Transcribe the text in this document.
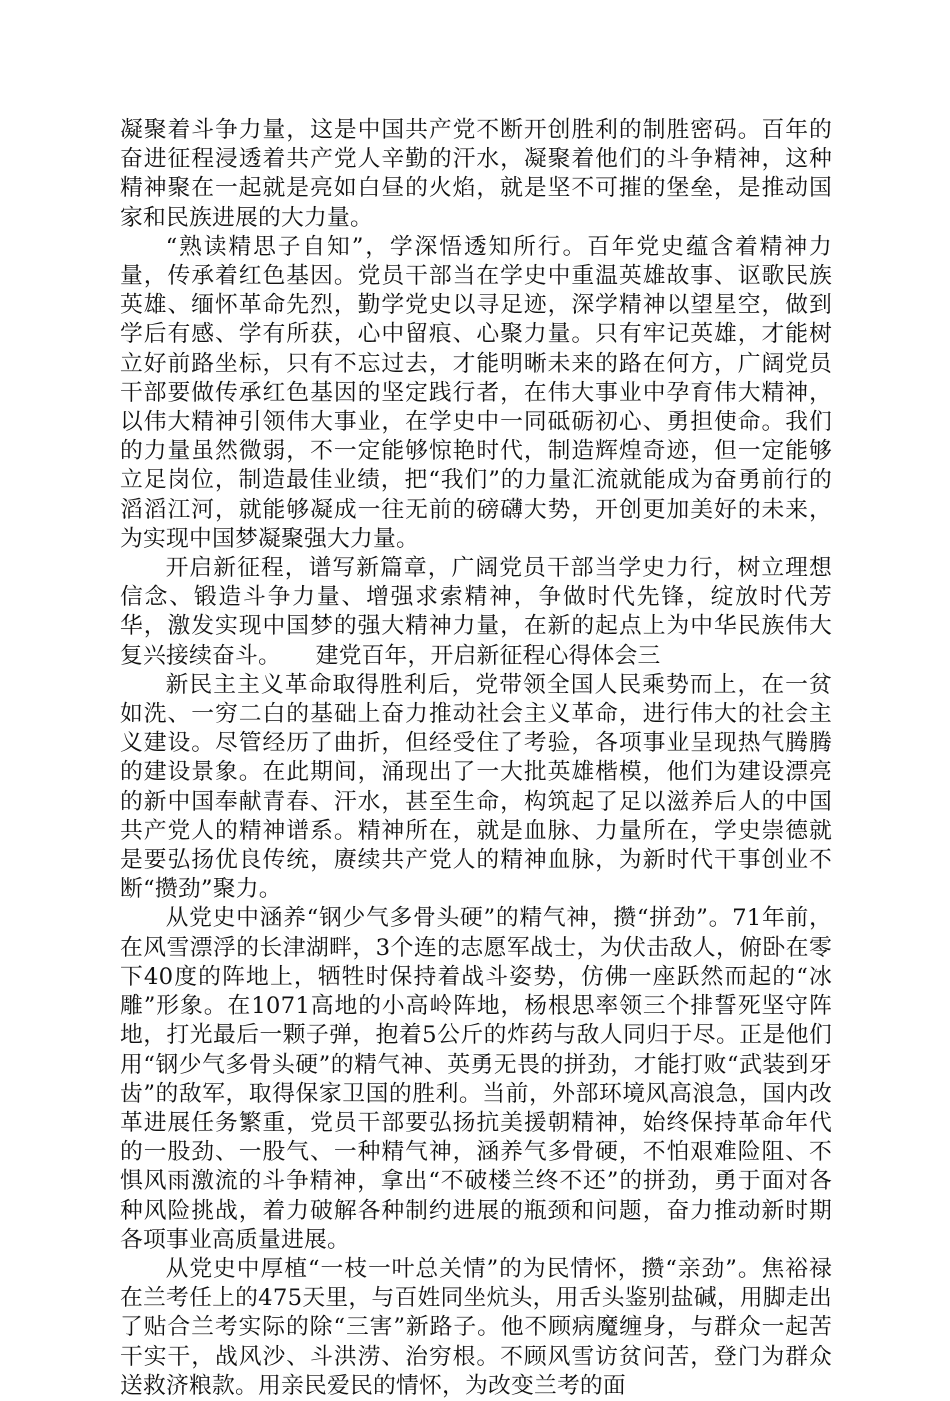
凝聚着斗争力量，这是中国共产党不断开创胜利的制胜密码。百年的奋进征程浸透着共产党人辛勤的汗水，凝聚着他们的斗争精神，这种精神聚在一起就是亮如白昼的火焰，就是坚不可摧的堡垒，是推动国家和民族进展的大力量。

“熟读精思子自知”，学深悟透知所行。百年党史蕴含着精神力量，传承着红色基因。党员干部当在学史中重温英雄故事、讴歌民族英雄、缅怀革命先烈，勤学党史以寻足迹，深学精神以望星空，做到学后有感、学有所获，心中留痕、心聚力量。只有牢记英雄，才能树立好前路坐标，只有不忘过去，才能明晰未来的路在何方，广阔党员干部要做传承红色基因的坚定践行者，在伟大事业中孕育伟大精神，以伟大精神引领伟大事业，在学史中一同砥砺初心、勇担使命。我们的力量虽然微弱，不一定能够惊艳时代，制造辉煌奇迹，但一定能够立足岗位，制造最佳业绩，把“我们”的力量汇流就能成为奋勇前行的滔滔江河，就能够凝成一往无前的磅礴大势，开创更加美好的未来，为实现中国梦凝聚强大力量。

开启新征程，谱写新篇章，广阔党员干部当学史力行，树立理想信念、锻造斗争力量、增强求索精神，争做时代先锋，绽放时代芳华，激发实现中国梦的强大精神力量，在新的起点上为中华民族伟大复兴接续奋斗。　　建党百年，开启新征程心得体会三

新民主主义革命取得胜利后，党带领全国人民乘势而上，在一贫如洗、一穷二白的基础上奋力推动社会主义革命，进行伟大的社会主义建设。尽管经历了曲折，但经受住了考验，各项事业呈现热气腾腾的建设景象。在此期间，涌现出了一大批英雄楷模，他们为建设漂亮的新中国奉献青春、汗水，甚至生命，构筑起了足以滋养后人的中国共产党人的精神谱系。精神所在，就是血脉、力量所在，学史崇德就是要弘扬优良传统，赓续共产党人的精神血脉，为新时代干事创业不断“攒劲”聚力。

从党史中涵养“钢少气多骨头硬”的精气神，攒“拼劲”。71年前，在风雪漂浮的长津湖畔，3个连的志愿军战士，为伏击敌人，俯卧在零下40度的阵地上，牺牲时保持着战斗姿势，仿佛一座跃然而起的“冰雕”形象。在1071高地的小高岭阵地，杨根思率领三个排誓死坚守阵地，打光最后一颗子弹，抱着5公斤的炸药与敌人同归于尽。正是他们用“钢少气多骨头硬”的精气神、英勇无畏的拼劲，才能打败“武装到牙齿”的敌军，取得保家卫国的胜利。当前，外部环境风高浪急，国内改革进展任务繁重，党员干部要弘扬抗美援朝精神，始终保持革命年代的一股劲、一股气、一种精气神，涵养气多骨硬，不怕艰难险阻、不惧风雨激流的斗争精神，拿出“不破楼兰终不还”的拼劲，勇于面对各种风险挑战，着力破解各种制约进展的瓶颈和问题，奋力推动新时期各项事业高质量进展。

从党史中厚植“一枝一叶总关情”的为民情怀，攒“亲劲”。焦裕禄在兰考任上的475天里，与百姓同坐炕头，用舌头鉴别盐碱，用脚走出了贴合兰考实际的除“三害”新路子。他不顾病魔缠身，与群众一起苦干实干，战风沙、斗洪涝、治穷根。不顾风雪访贫问苦，登门为群众送救济粮款。用亲民爱民的情怀，为改变兰考的面
